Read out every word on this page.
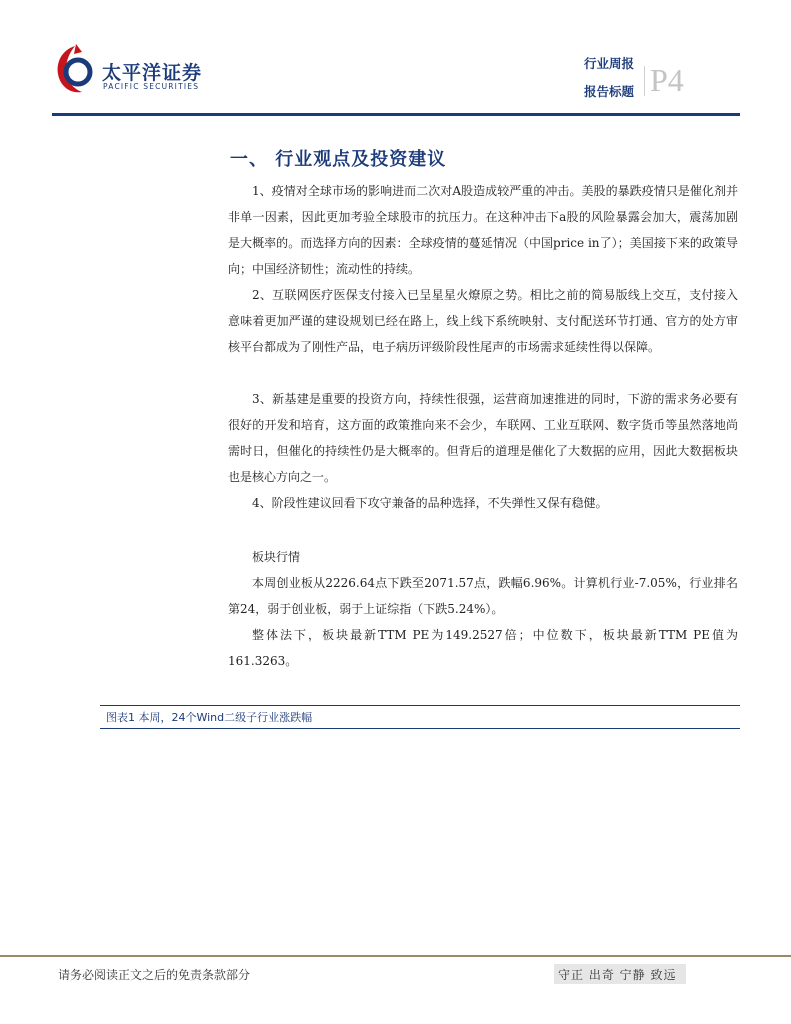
太平洋证券
PACIFIC SECURITIES
行业周报
报告标题 P4
一、 行业观点及投资建议

1、疫情对全球市场的影响进而二次对A股造成较严重的冲击。美股的暴跌疫情只是催化剂并非单一因素，因此更加考验全球股市的抗压力。在这种冲击下a股的风险暴露会加大，震荡加剧是大概率的。而选择方向的因素：全球疫情的蔓延情况（中国price in了）；美国接下来的政策导向；中国经济韧性；流动性的持续。

2、互联网医疗医保支付接入已呈星星火燎原之势。相比之前的简易版线上交互，支付接入意味着更加严谨的建设规划已经在路上，线上线下系统映射、支付配送环节打通、官方的处方审核平台都成为了刚性产品，电子病历评级阶段性尾声的市场需求延续性得以保障。

3、新基建是重要的投资方向，持续性很强，运营商加速推进的同时，下游的需求务必要有很好的开发和培育，这方面的政策推向来不会少，车联网、工业互联网、数字货币等虽然落地尚需时日，但催化的持续性仍是大概率的。但背后的道理是催化了大数据的应用，因此大数据板块也是核心方向之一。

4、阶段性建议回看下攻守兼备的品种选择，不失弹性又保有稳健。

板块行情

本周创业板从2226.64点下跌至2071.57点，跌幅6.96%。计算机行业-7.05%，行业排名第24，弱于创业板，弱于上证综指（下跌5.24%）。

整体法下，板块最新TTM PE为149.2527倍；中位数下，板块最新TTM PE值为161.3263。

图表1 本周，24个Wind二级子行业涨跌幅
请务必阅读正文之后的免责条款部分	守正 出奇 宁静 致远
